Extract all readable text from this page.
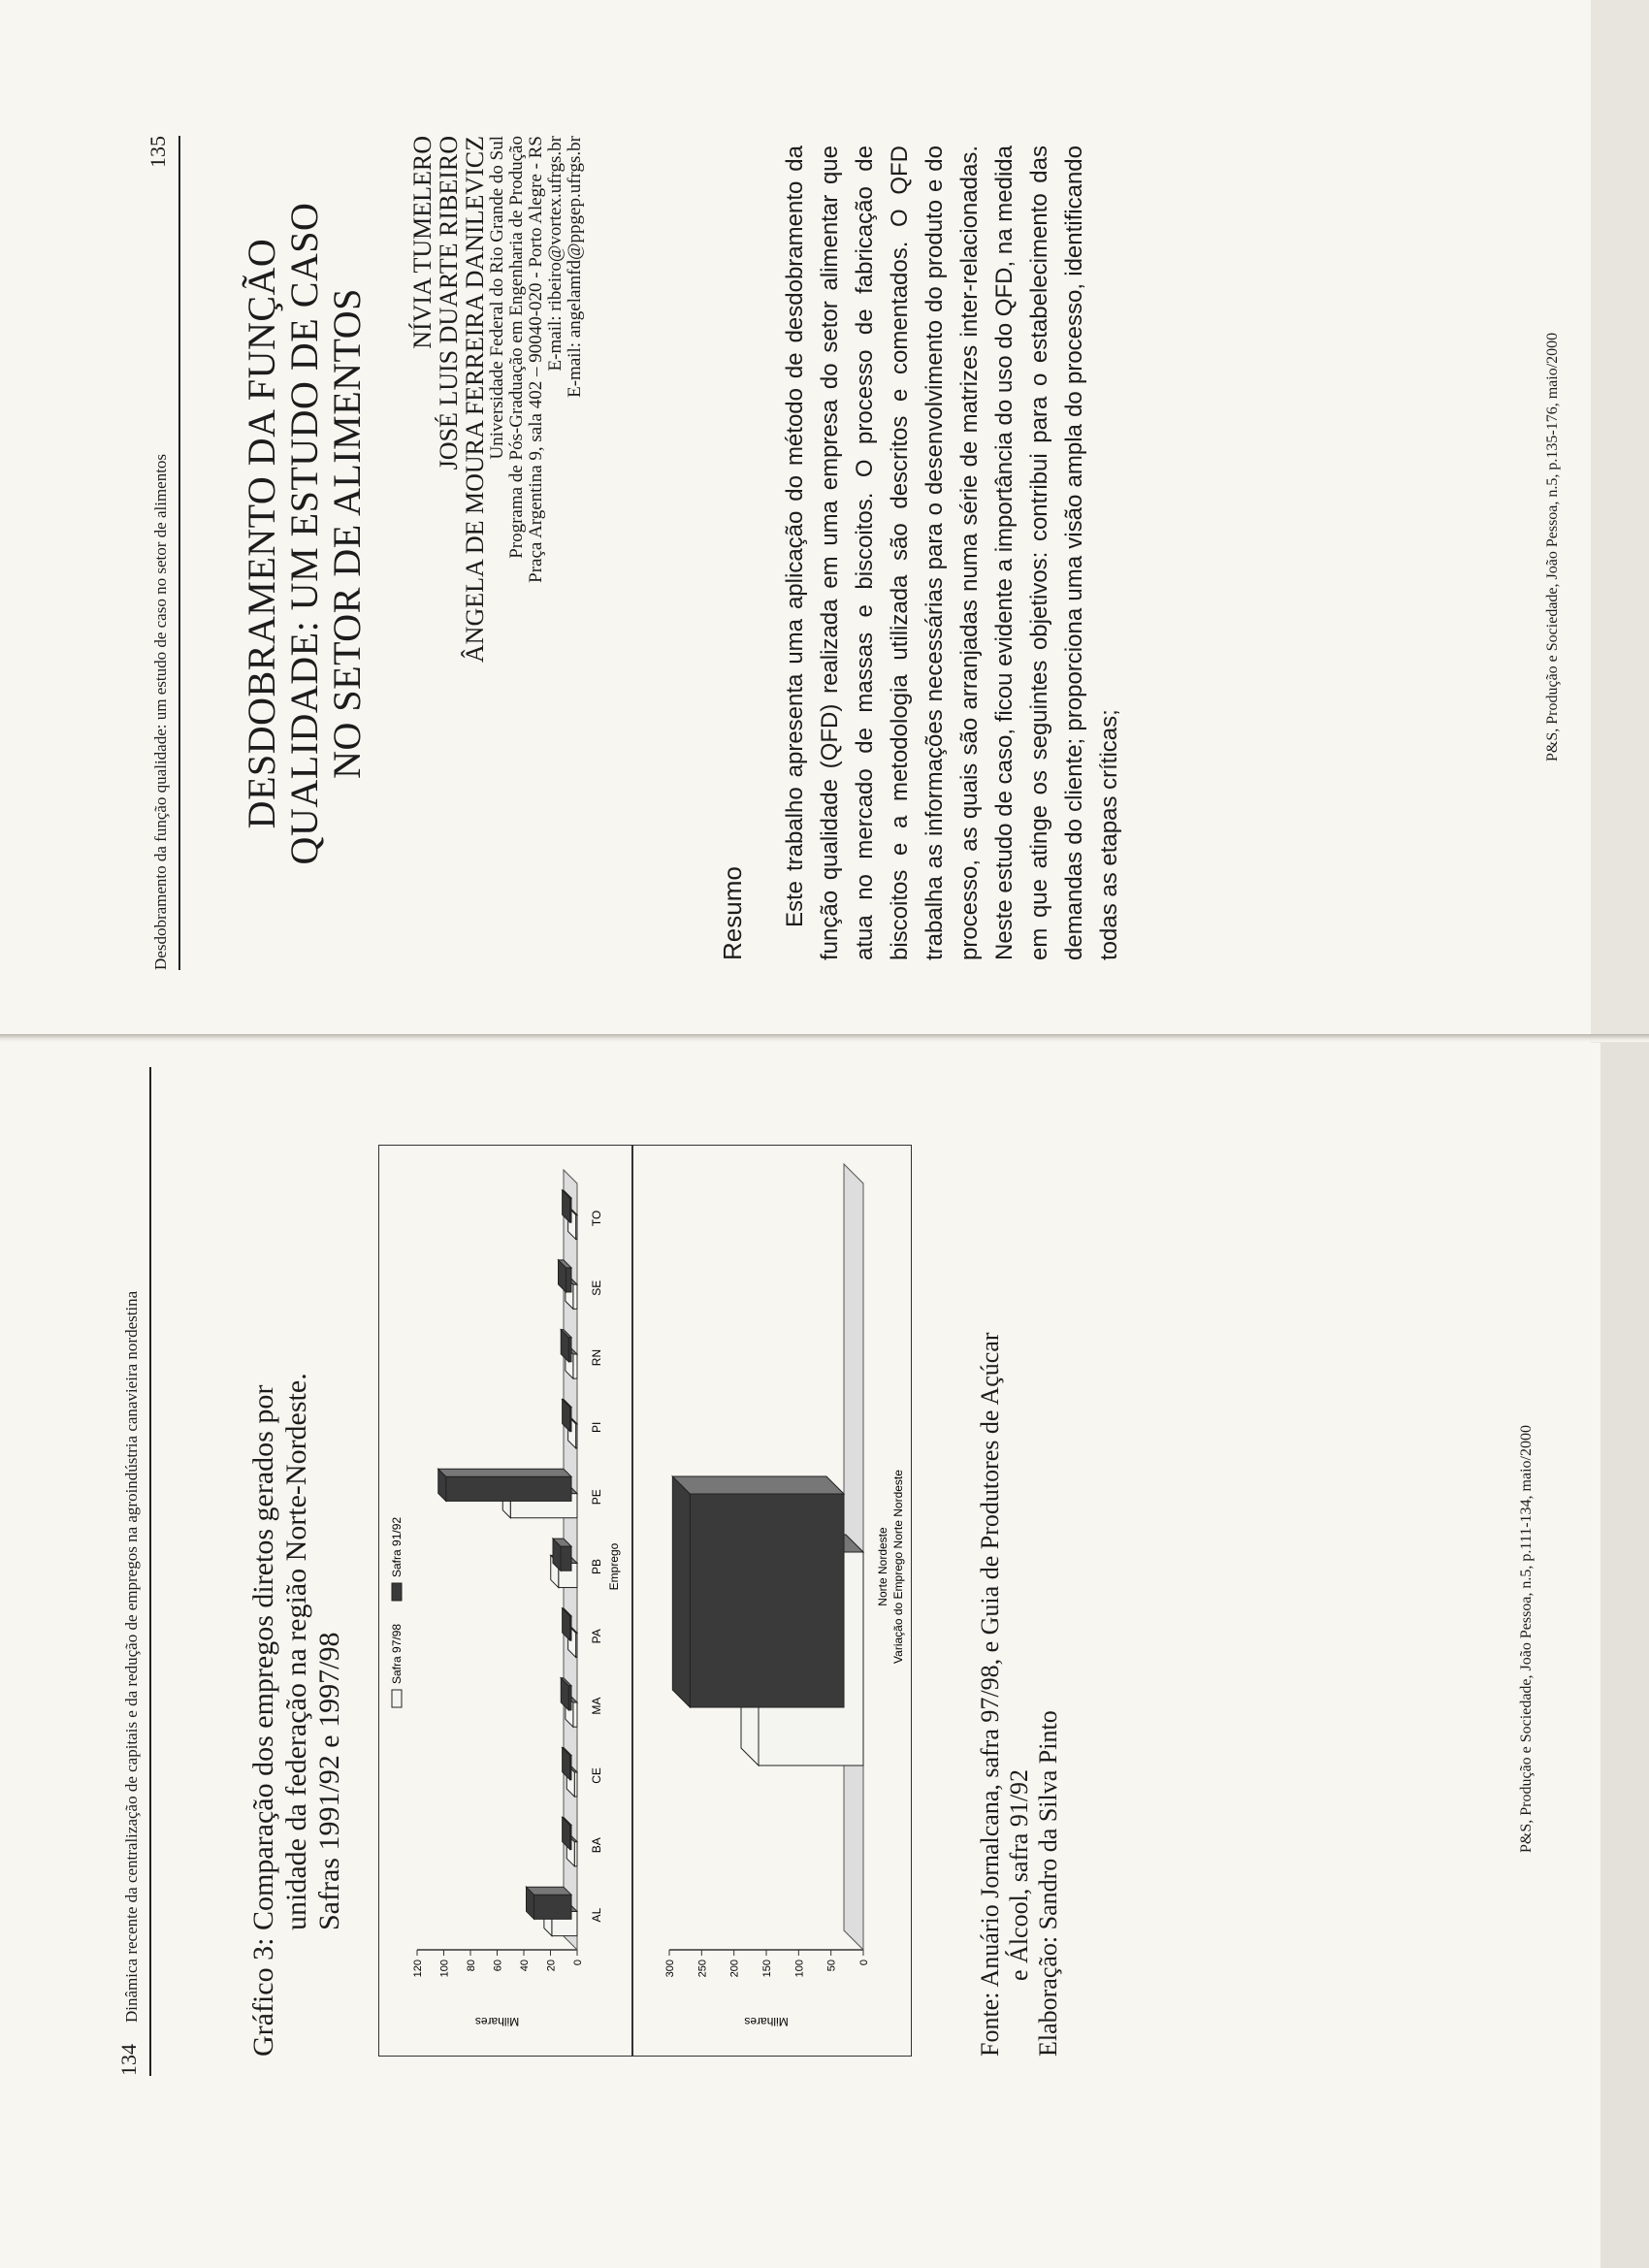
Desdobramento da função qualidade: um estudo de caso no setor de alimentos
135
DESDOBRAMENTO DA FUNÇÃO QUALIDADE: UM ESTUDO DE CASO NO SETOR DE ALIMENTOS
NÍVIA TUMELERO
JOSÉ LUIS DUARTE RIBEIRO
ÂNGELA DE MOURA FERREIRA DANILEVICZ
Universidade Federal do Rio Grande do Sul Programa de Pós-Graduação em Engenharia de Produção Praça Argentina 9, sala 402 – 90040-020 - Porto Alegre - RS E-mail: ribeiro@vortex.ufrgs.br E-mail: angelamfd@ppgep.ufrgs.br
Resumo Este trabalho apresenta uma aplicação do método de desdobramento da função qualidade (QFD) realizada em uma empresa do setor alimentar que atua no mercado de massas e biscoitos. O processo de fabricação de biscoitos e a metodologia utilizada são descritos e comentados. O QFD trabalha as informações necessárias para o desenvolvimento do produto e do processo, as quais são arranjadas numa série de matrizes inter-relacionadas. Neste estudo de caso, ficou evidente a importância do uso do QFD, na medida em que atinge os seguintes objetivos: contribui para o estabelecimento das demandas do cliente; proporciona uma visão ampla do processo, identificando todas as etapas críticas;
P&S, Produção e Sociedade, João Pessoa, n.5, p.135-176, maio/2000
134
Dinâmica recente da centralização de capitais e da redução de empregos na agroindústria canavieira nordestina	Gráfico 3:Comparação dos empregos diretos gerados por unidade da federação na região Norte-Nordeste. Safras 1991/92 e 1997/98
0
20
40
60
80
100
120
Milhares
AL
BA
CE
MA
PA
PB
PE
PI
RN
SE
TO
Emprego
Safra 97/98
Safra 91/92
0
50
100
150
200
250
300
Milhares
Norte Nordeste Variação do Emprego Norte Nordeste	Fonte: Anuário Jornalcana, safra 97/98, e Guia de Produtores de Açúcar e Álcool, safra 91/92 Elaboração: Sandro da Silva Pinto
P&S, Produção e Sociedade, João Pessoa, n.5, p.111-134, maio/2000
